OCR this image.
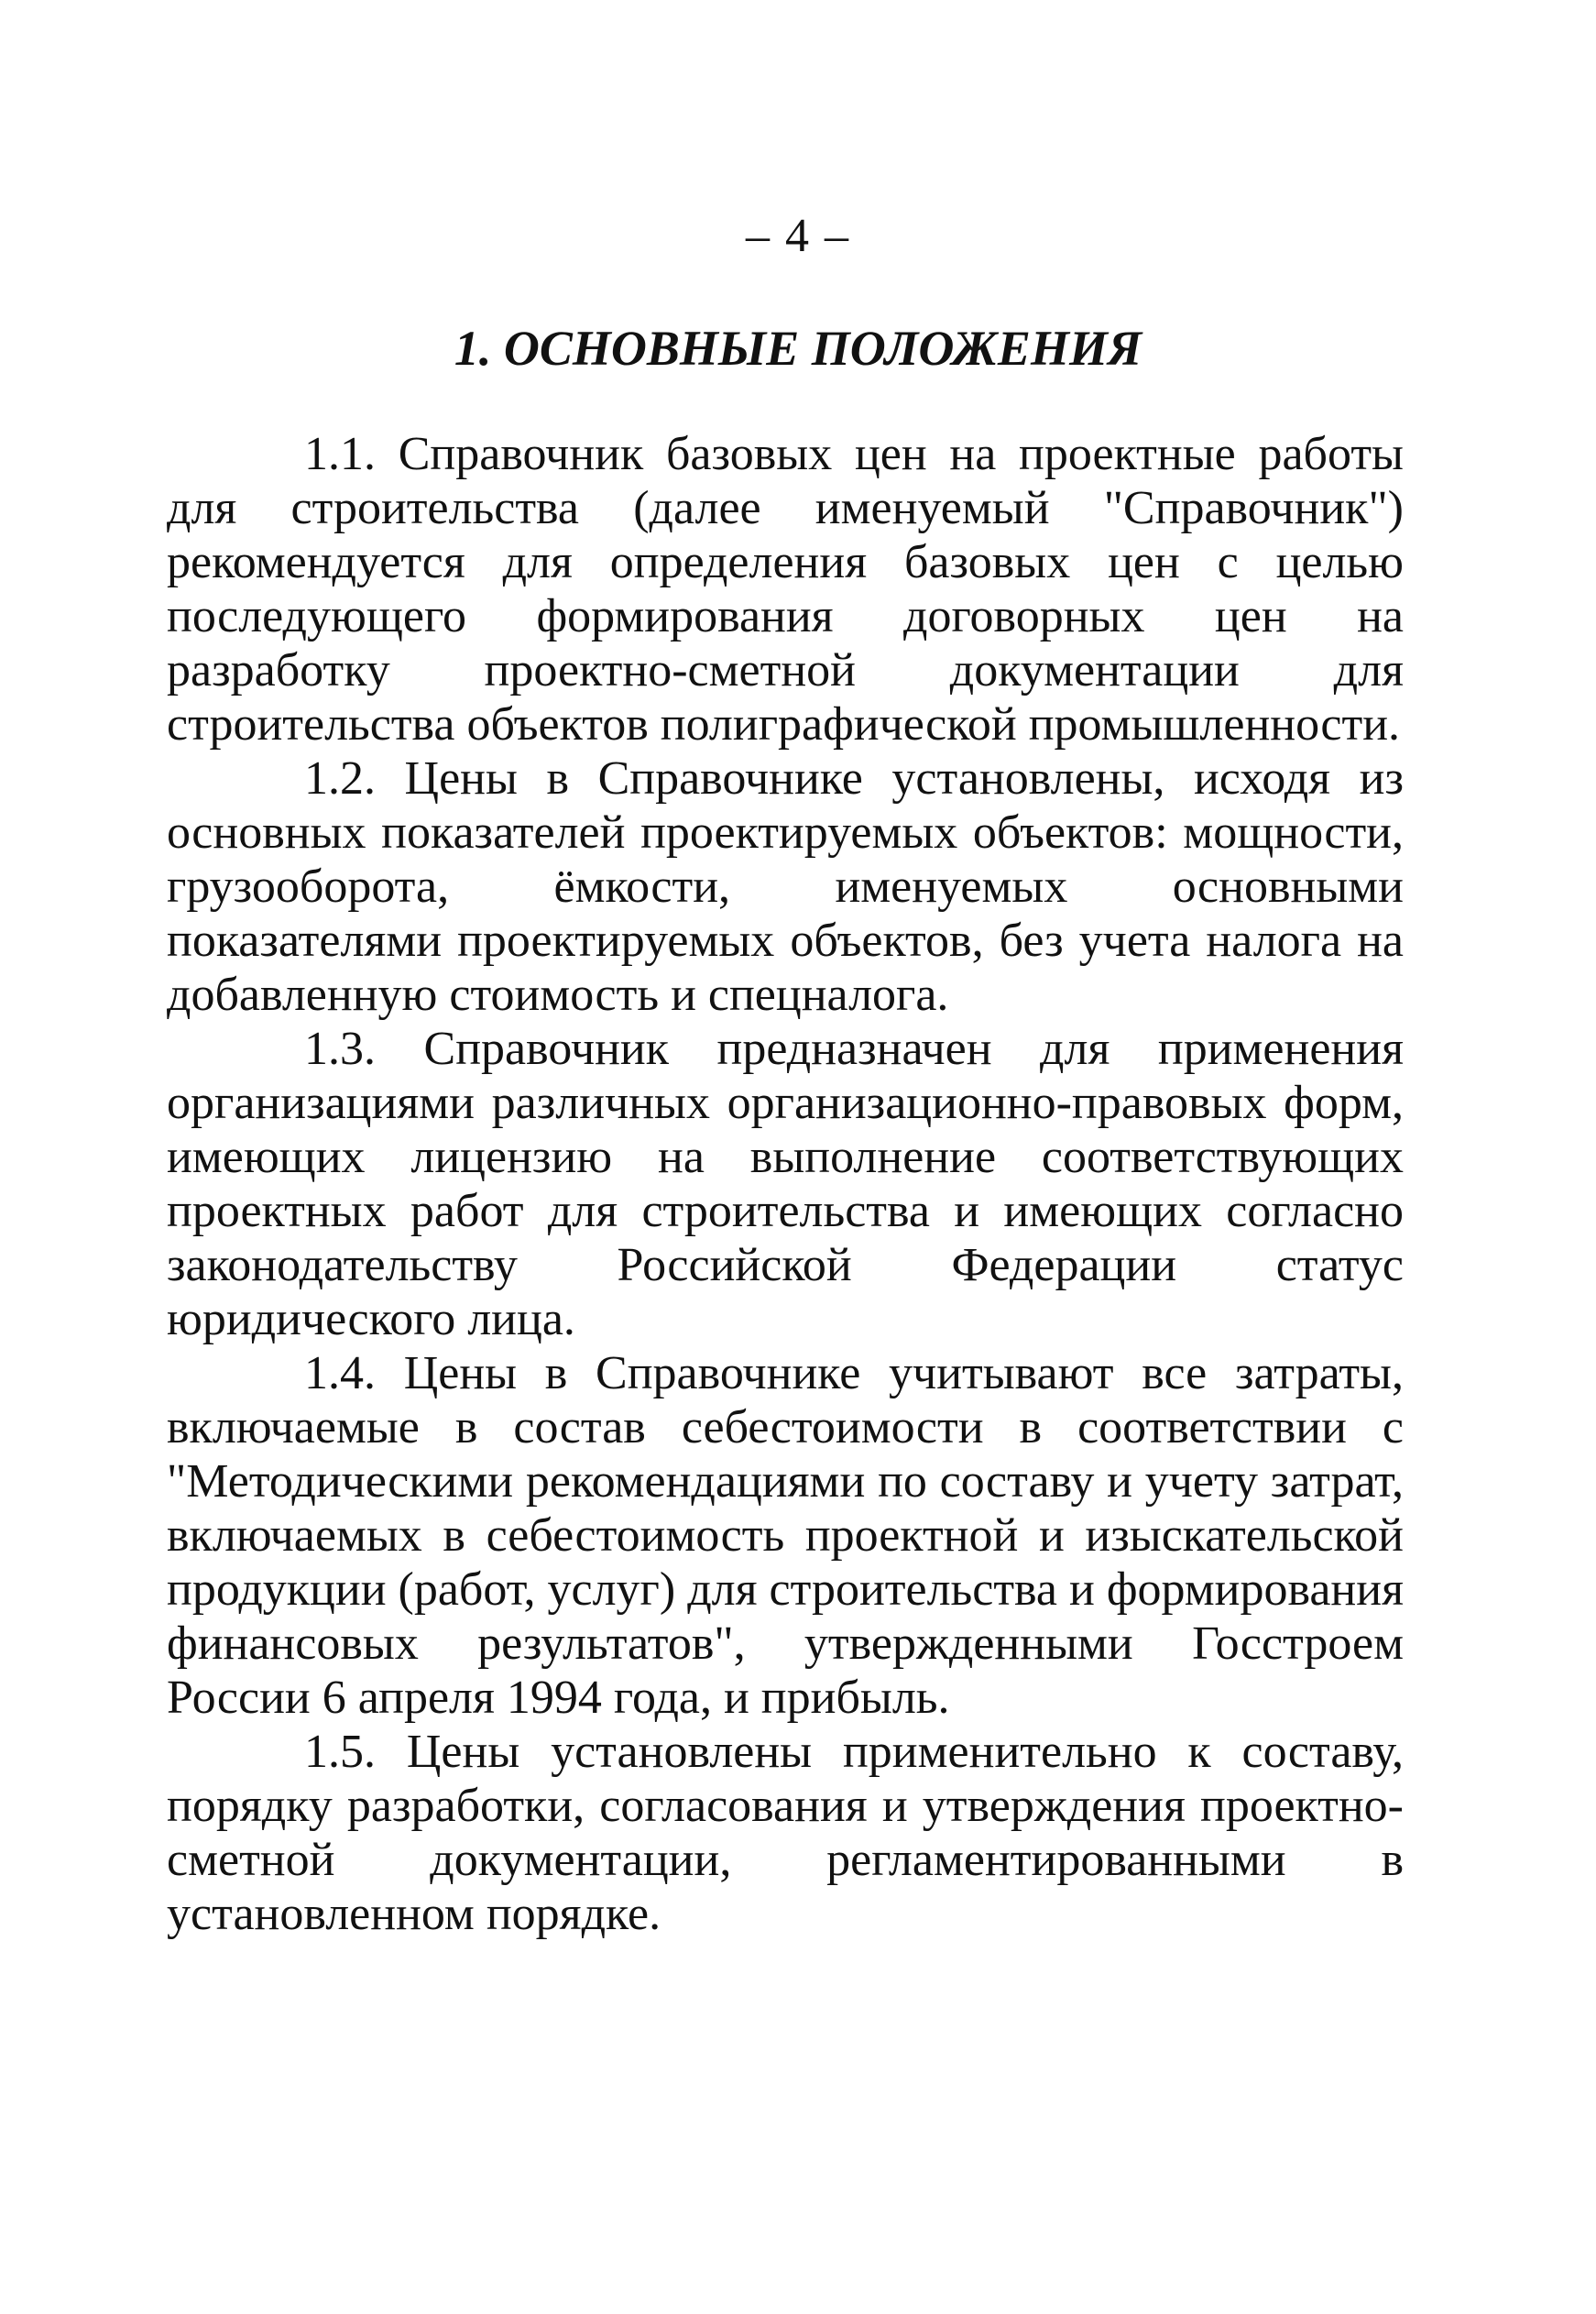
– 4 –
1. ОСНОВНЫЕ ПОЛОЖЕНИЯ

1.1. Справочник базовых цен на проектные работы для строительства (далее именуемый "Справочник") рекомендуется для определения базовых цен с целью последующего формирования договорных цен на разработку проектно-сметной документации для строительства объектов полиграфической промышленности.

1.2. Цены в Справочнике установлены, исходя из основных показателей проектируемых объектов: мощности, грузооборота, ёмкости, именуемых основными показателями проектируемых объектов, без учета налога на добавленную стоимость и спецналога.

1.3. Справочник предназначен для применения организациями различных организационно-правовых форм, имеющих лицензию на выполнение соответствующих проектных работ для строительства и имеющих согласно законодательству Российской Федерации статус юридического лица.

1.4. Цены в Справочнике учитывают все затраты, включаемые в состав себестоимости в соответствии с "Методическими рекомендациями по составу и учету затрат, включаемых в себестоимость проектной и изыскательской продукции (работ, услуг) для строительства и формирования финансовых результатов", утвержденными Госстроем России 6 апреля 1994 года, и прибыль.

1.5. Цены установлены применительно к составу, порядку разработки, согласования и утверждения проектно-сметной документации, регламентированными в установленном порядке.
